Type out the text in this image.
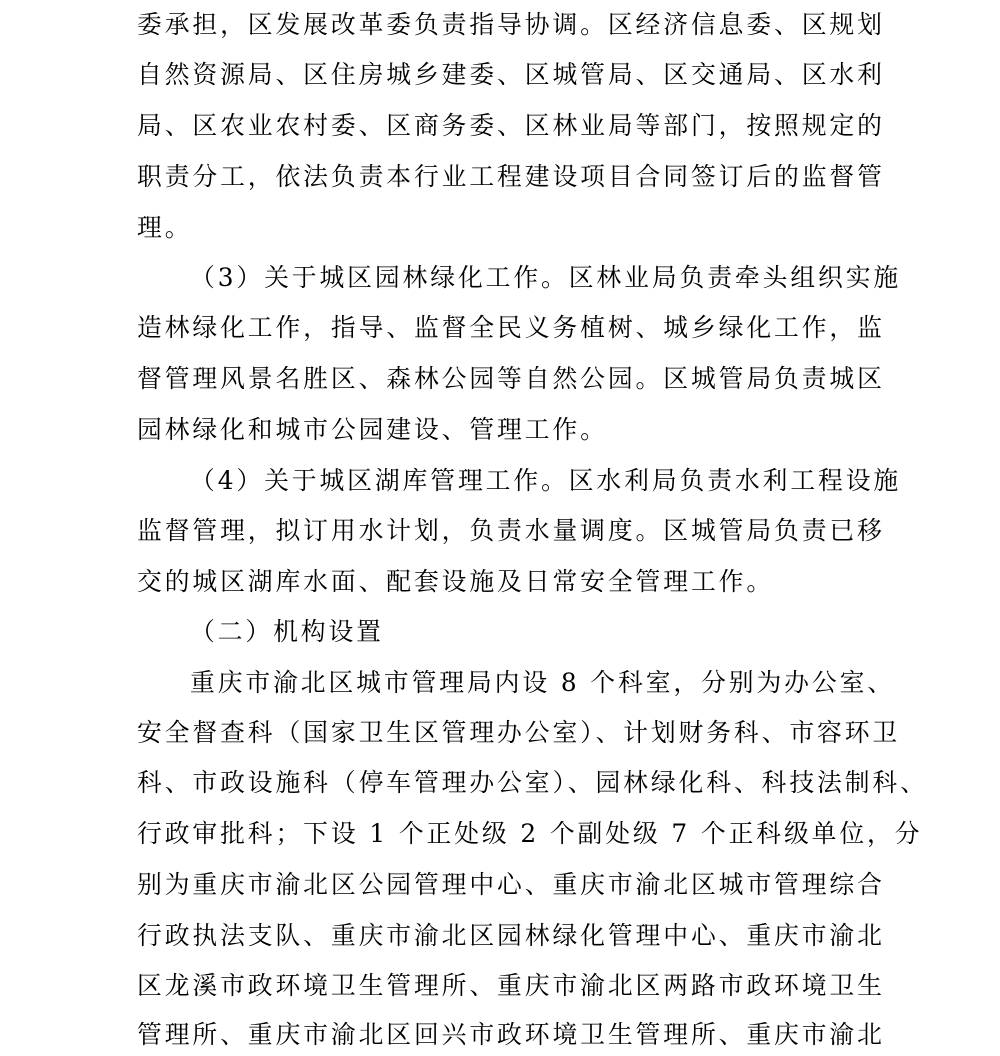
委承担，区发展改革委负责指导协调。区经济信息委、区规划
自然资源局、区住房城乡建委、区城管局、区交通局、区水利
局、区农业农村委、区商务委、区林业局等部门，按照规定的
职责分工，依法负责本行业工程建设项目合同签订后的监督管
理。
（3）关于城区园林绿化工作。区林业局负责牵头组织实施
造林绿化工作，指导、监督全民义务植树、城乡绿化工作，监
督管理风景名胜区、森林公园等自然公园。区城管局负责城区
园林绿化和城市公园建设、管理工作。
（4）关于城区湖库管理工作。区水利局负责水利工程设施
监督管理，拟订用水计划，负责水量调度。区城管局负责已移
交的城区湖库水面、配套设施及日常安全管理工作。
（二）机构设置
重庆市渝北区城市管理局内设 8 个科室，分别为办公室、
安全督查科（国家卫生区管理办公室）、计划财务科、市容环卫
科、市政设施科（停车管理办公室）、园林绿化科、科技法制科、
行政审批科；下设 1 个正处级 2 个副处级 7 个正科级单位，分
别为重庆市渝北区公园管理中心、重庆市渝北区城市管理综合
行政执法支队、重庆市渝北区园林绿化管理中心、重庆市渝北
区龙溪市政环境卫生管理所、重庆市渝北区两路市政环境卫生
管理所、重庆市渝北区回兴市政环境卫生管理所、重庆市渝北
